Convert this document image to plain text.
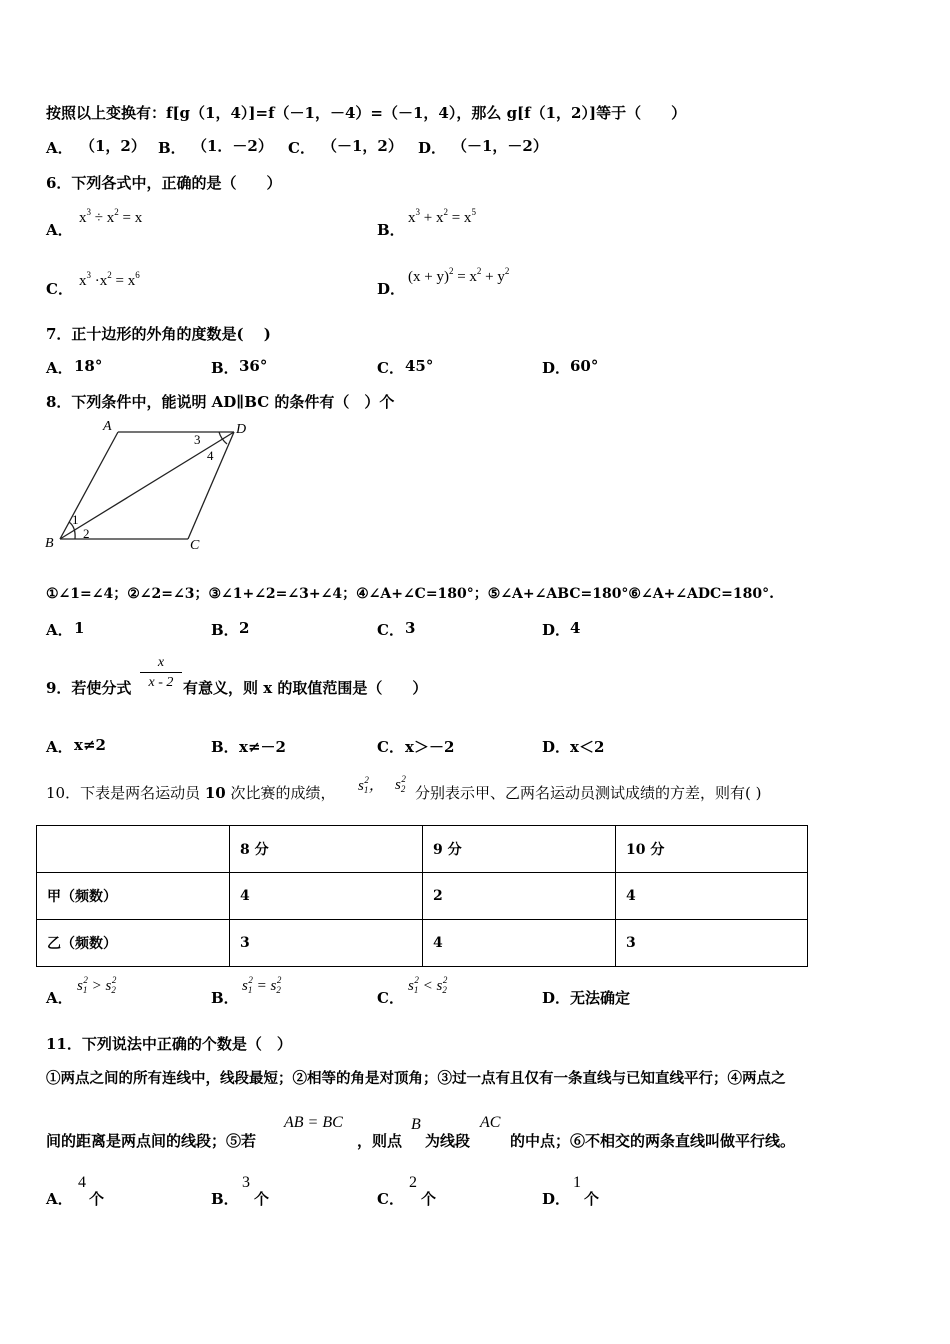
按照以上变换有：f[g（1，4）]=f（－1，－4）=（－1，4），那么 g[f（1，2）]等于（　　）
A． （1，2） B． （1．－2） C． （－1，2） D． （－1，－2）
6．下列各式中，正确的是（　　）
A．
$x^3 \div x^2 = x$
B．
$x^3 + x^2 = x^5$
C． $x^3 \cdot x^2 = x^6$
D．
$(x + y)^2 = x^2 + y^2$
7．正十边形的外角的度数是(　 )
A． 18°	B． 36°	C． 45°	D． 60°
8．下列条件中，能说明 AD∥BC 的条件有（　）个
A	D
B	C
1
2
3
4
①∠1=∠4；②∠2=∠3；③∠1+∠2=∠3+∠4；④∠A+∠C=180°；⑤∠A+∠ABC=180°⑥∠A+∠ADC=180°.
A． 1	B． 2	C． 3	D． 4
9．若使分式 $\frac{x}{x - 2}$ 有意义，则 x 的取值范围是（　　）
A． x≠2	B． x≠－2	C． x＞－2	D． x＜2
10．下表是两名运动员 10 次比赛的成绩， $s_1^2$， $s_2^2$
分别表示甲、乙两名运动员测试成绩的方差，则有( )
	8 分	9 分	10 分
甲（频数）	4	2	4
乙（频数）	3	4	3
A．
$s_1^2 > s_2^2$
B．
$s_1^2 = s_2^2$
C．
$s_1^2 < s_2^2$
D． 无法确定
11．下列说法中正确的个数是（　）
①两点之间的所有连线中，线段最短；②相等的角是对顶角；③过一点有且仅有一条直线与已知直线平行；④两点之
间的距离是两点间的线段；⑤若
AB = BC
，则点
B
为线段
AC
的中点；⑥不相交的两条直线叫做平行线。
A．
4
个	B．
3
个	C．
2
个	D．
1
个
